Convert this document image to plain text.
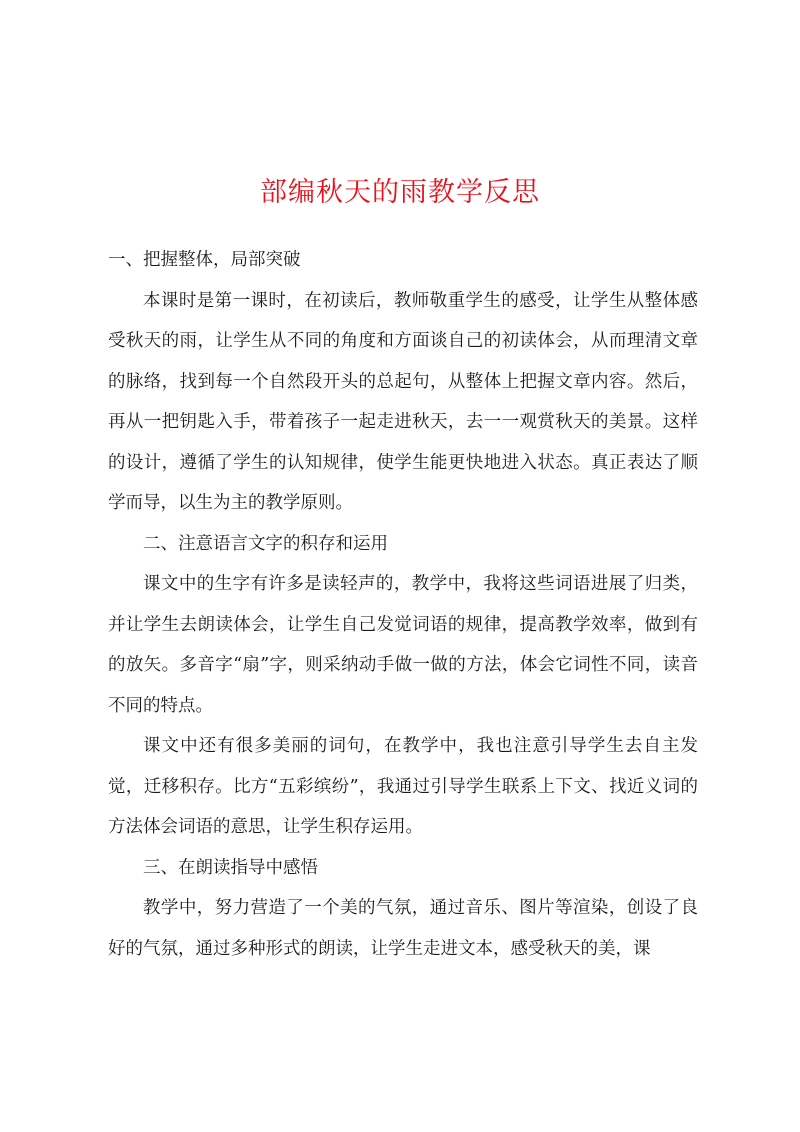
部编秋天的雨教学反思

一、把握整体，局部突破

本课时是第一课时，在初读后，教师敬重学生的感受，让学生从整体感受秋天的雨，让学生从不同的角度和方面谈自己的初读体会，从而理清文章的脉络，找到每一个自然段开头的总起句，从整体上把握文章内容。然后，再从一把钥匙入手，带着孩子一起走进秋天，去一一观赏秋天的美景。这样的设计，遵循了学生的认知规律，使学生能更快地进入状态。真正表达了顺学而导，以生为主的教学原则。

二、注意语言文字的积存和运用

课文中的生字有许多是读轻声的，教学中，我将这些词语进展了归类，并让学生去朗读体会，让学生自己发觉词语的规律，提高教学效率，做到有的放矢。多音字“扇”字，则采纳动手做一做的方法，体会它词性不同，读音不同的特点。

课文中还有很多美丽的词句，在教学中，我也注意引导学生去自主发觉，迁移积存。比方“五彩缤纷”，我通过引导学生联系上下文、找近义词的方法体会词语的意思，让学生积存运用。

三、在朗读指导中感悟

教学中，努力营造了一个美的气氛，通过音乐、图片等渲染，创设了良好的气氛，通过多种形式的朗读，让学生走进文本，感受秋天的美，课
